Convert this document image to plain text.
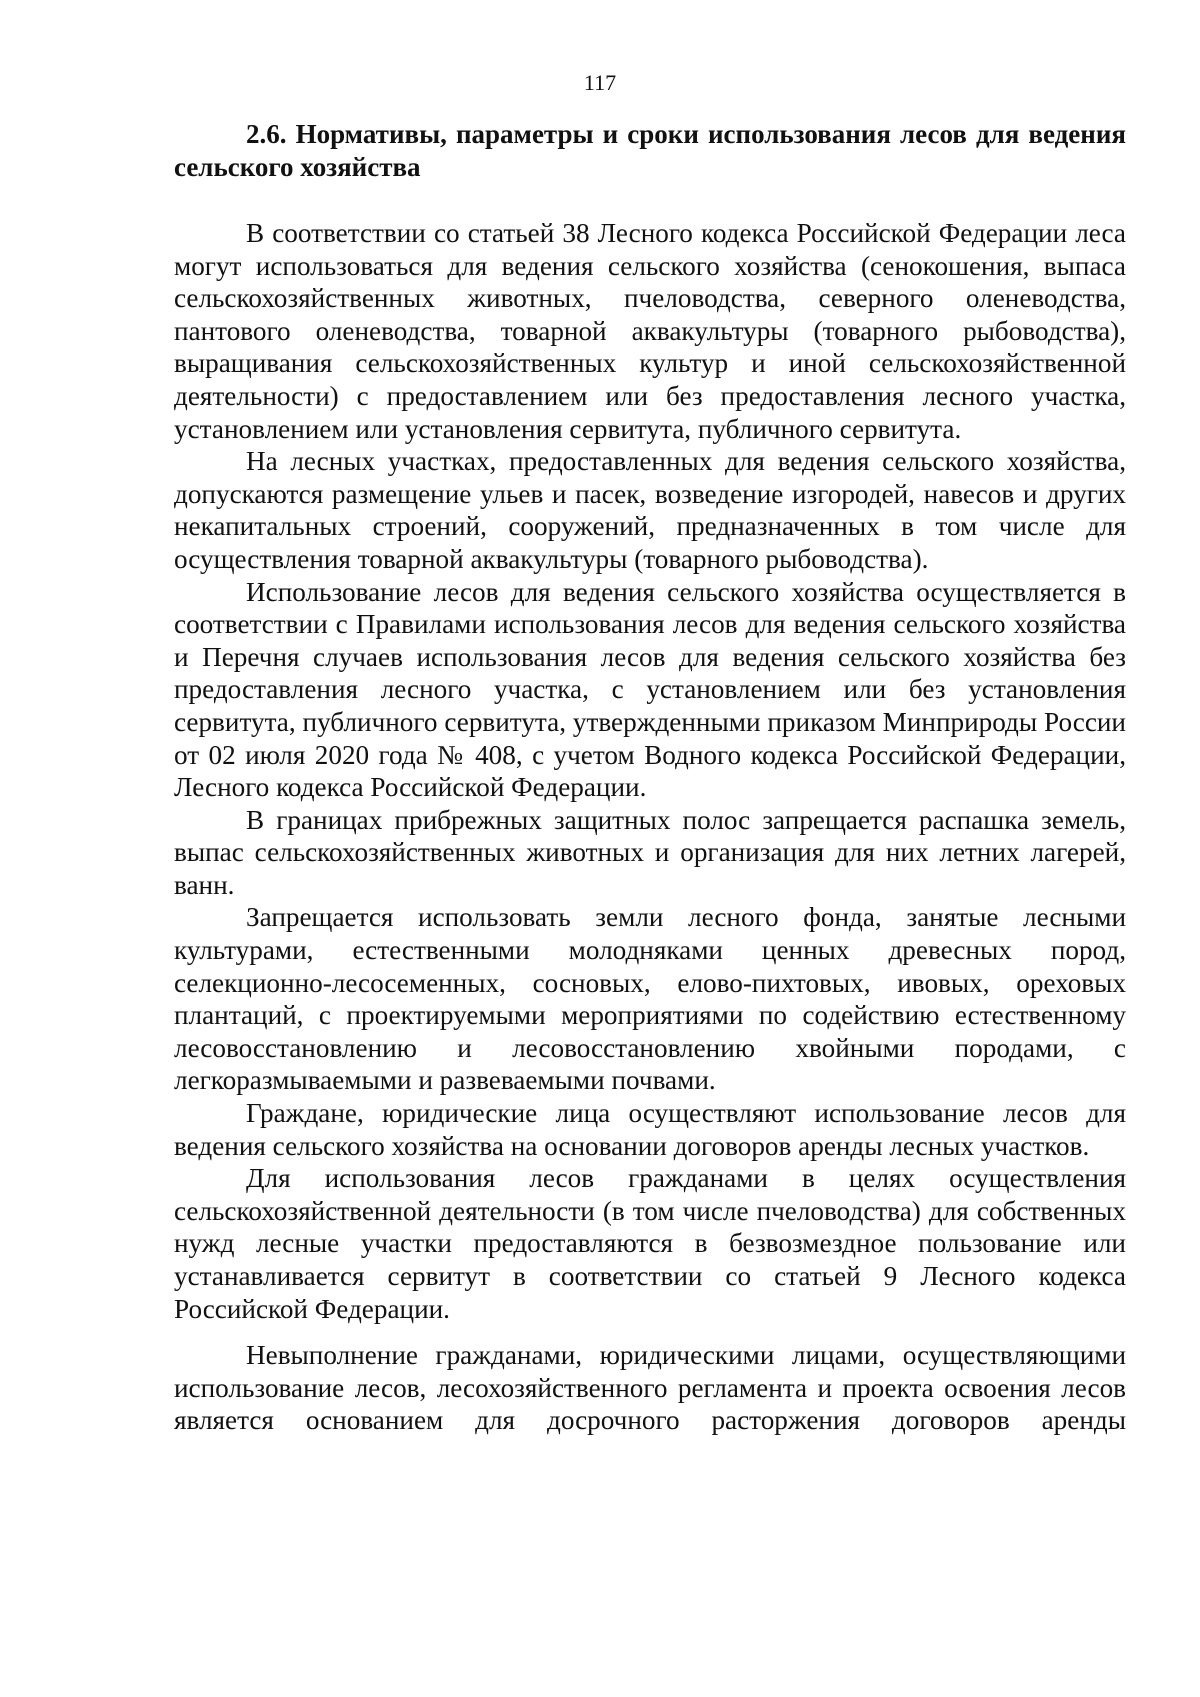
117

2.6. Нормативы, параметры и сроки использования лесов для ведения сельского хозяйства

В соответствии со статьей 38 Лесного кодекса Российской Федерации леса могут использоваться для ведения сельского хозяйства (сенокошения, выпаса сельскохозяйственных животных, пчеловодства, северного оленеводства, пантового оленеводства, товарной аквакультуры (товарного рыбоводства), выращивания сельскохозяйственных культур и иной сельскохозяйственной деятельности) с предоставлением или без предоставления лесного участка, установлением или установления сервитута, публичного сервитута.

На лесных участках, предоставленных для ведения сельского хозяйства, допускаются размещение ульев и пасек, возведение изгородей, навесов и других некапитальных строений, сооружений, предназначенных в том числе для осуществления товарной аквакультуры (товарного рыбоводства).

Использование лесов для ведения сельского хозяйства осуществляется в соответствии с Правилами использования лесов для ведения сельского хозяйства и Перечня случаев использования лесов для ведения сельского хозяйства без предоставления лесного участка, с установлением или без установления сервитута, публичного сервитута, утвержденными приказом Минприроды России от 02 июля 2020 года № 408, с учетом Водного кодекса Российской Федерации, Лесного кодекса Российской Федерации.

В границах прибрежных защитных полос запрещается распашка земель, выпас сельскохозяйственных животных и организация для них летних лагерей, ванн.

Запрещается использовать земли лесного фонда, занятые лесными культурами, естественными молодняками ценных древесных пород, селекционно-лесосеменных, сосновых, елово-пихтовых, ивовых, ореховых плантаций, с проектируемыми мероприятиями по содействию естественному лесовосстановлению и лесовосстановлению хвойными породами, с легкоразмываемыми и развеваемыми почвами.

Граждане, юридические лица осуществляют использование лесов для ведения сельского хозяйства на основании договоров аренды лесных участков.

Для использования лесов гражданами в целях осуществления сельскохозяйственной деятельности (в том числе пчеловодства) для собственных нужд лесные участки предоставляются в безвозмездное пользование или устанавливается сервитут в соответствии со статьей 9 Лесного кодекса Российской Федерации.

Невыполнение гражданами, юридическими лицами, осуществляющими использование лесов, лесохозяйственного регламента и проекта освоения лесов является основанием для досрочного расторжения договоров аренды
